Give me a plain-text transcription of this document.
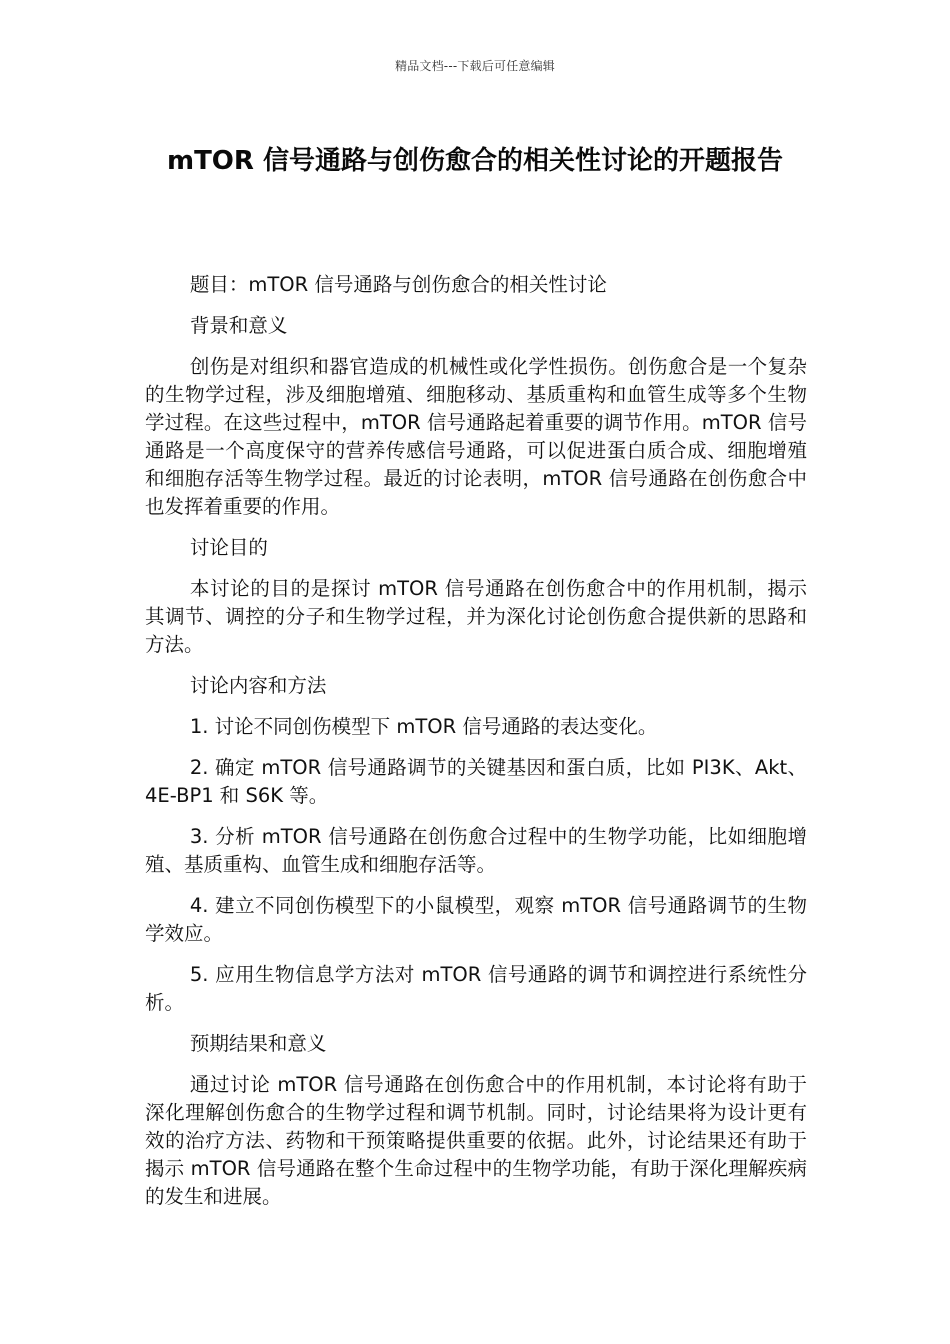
精品文档---下载后可任意编辑
mTOR 信号通路与创伤愈合的相关性讨论的开题报告

题目：mTOR 信号通路与创伤愈合的相关性讨论

背景和意义

创伤是对组织和器官造成的机械性或化学性损伤。创伤愈合是一个复杂的生物学过程，涉及细胞增殖、细胞移动、基质重构和血管生成等多个生物学过程。在这些过程中，mTOR 信号通路起着重要的调节作用。mTOR 信号通路是一个高度保守的营养传感信号通路，可以促进蛋白质合成、细胞增殖和细胞存活等生物学过程。最近的讨论表明，mTOR 信号通路在创伤愈合中也发挥着重要的作用。

讨论目的

本讨论的目的是探讨 mTOR 信号通路在创伤愈合中的作用机制，揭示其调节、调控的分子和生物学过程，并为深化讨论创伤愈合提供新的思路和方法。

讨论内容和方法

1. 讨论不同创伤模型下 mTOR 信号通路的表达变化。

2. 确定 mTOR 信号通路调节的关键基因和蛋白质，比如 PI3K、Akt、4E-BP1 和 S6K 等。

3. 分析 mTOR 信号通路在创伤愈合过程中的生物学功能，比如细胞增殖、基质重构、血管生成和细胞存活等。

4. 建立不同创伤模型下的小鼠模型，观察 mTOR 信号通路调节的生物学效应。

5. 应用生物信息学方法对 mTOR 信号通路的调节和调控进行系统性分析。

预期结果和意义

通过讨论 mTOR 信号通路在创伤愈合中的作用机制，本讨论将有助于深化理解创伤愈合的生物学过程和调节机制。同时，讨论结果将为设计更有效的治疗方法、药物和干预策略提供重要的依据。此外，讨论结果还有助于揭示 mTOR 信号通路在整个生命过程中的生物学功能，有助于深化理解疾病的发生和进展。
